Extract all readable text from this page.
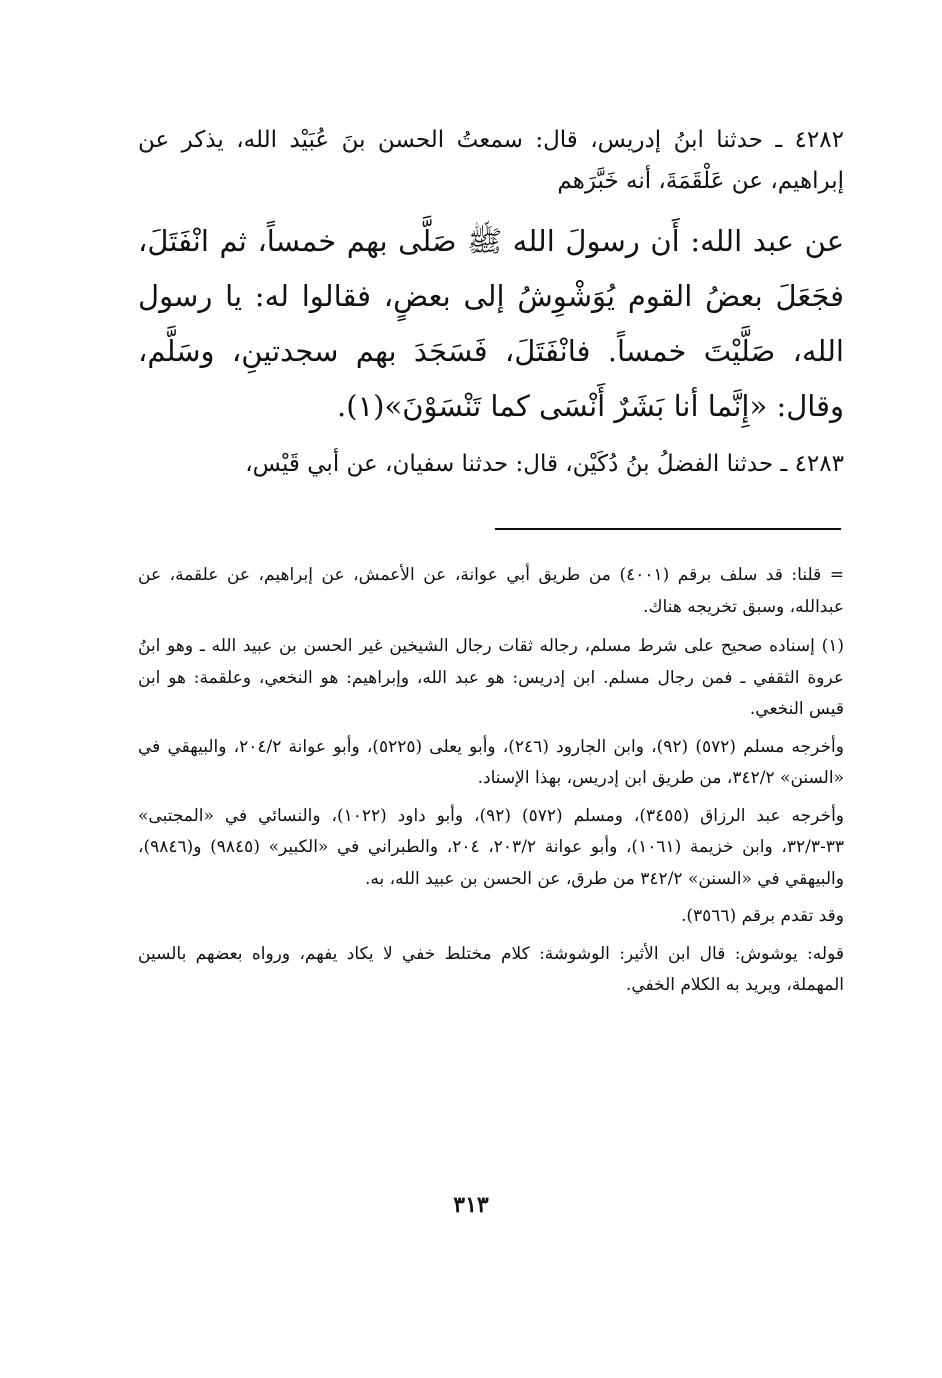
٤٢٨٢ ـ حدثنا ابنُ إدريس، قال: سمعتُ الحسن بنَ عُبَيْد الله، يذكر عن إبراهيم، عن عَلْقَمَةَ، أنه خَبَّرَهم

عن عبد الله: أَن رسولَ الله ﷺ صَلَّى بهم خمساً، ثم انْفَتَلَ، فجَعَلَ بعضُ القوم يُوَشْوِشُ إلى بعضٍ، فقالوا له: يا رسول الله، صَلَّيْتَ خمساً. فانْفَتَلَ، فَسَجَدَ بهم سجدتينِ، وسَلَّم، وقال: «إِنَّما أنا بَشَرٌ أَنْسَى كما تَنْسَوْنَ»(١).

٤٢٨٣ ـ حدثنا الفضلُ بنُ دُكَيْن، قال: حدثنا سفيان، عن أبي قَيْس،

= قلنا: قد سلف برقم (٤٠٠١) من طريق أبي عوانة، عن الأعمش، عن إبراهيم، عن علقمة، عن عبدالله، وسبق تخريجه هناك.

(١) إسناده صحيح على شرط مسلم، رجاله ثقات رجال الشيخين غير الحسن بن عبيد الله ـ وهو ابنُ عروة الثقفي ـ فمن رجال مسلم. ابن إدريس: هو عبد الله، وإبراهيم: هو النخعي، وعلقمة: هو ابن قيس النخعي.

وأخرجه مسلم (٥٧٢) (٩٢)، وابن الجارود (٢٤٦)، وأبو يعلى (٥٢٢٥)، وأبو عوانة ٢٠٤/٢، والبيهقي في «السنن» ٣٤٢/٢، من طريق ابن إدريس، بهذا الإسناد.

وأخرجه عبد الرزاق (٣٤٥٥)، ومسلم (٥٧٢) (٩٢)، وأبو داود (١٠٢٢)، والنسائي في «المجتبى» ٣٣-٣٢/٣، وابن خزيمة (١٠٦١)، وأبو عوانة ٢٠٣/٢، ٢٠٤، والطبراني في «الكبير» (٩٨٤٥) و(٩٨٤٦)، والبيهقي في «السنن» ٣٤٢/٢ من طرق، عن الحسن بن عبيد الله، به.

وقد تقدم برقم (٣٥٦٦).

قوله: يوشوش: قال ابن الأثير: الوشوشة: كلام مختلط خفي لا يكاد يفهم، ورواه بعضهم بالسين المهملة، ويريد به الكلام الخفي.

٣١٣
